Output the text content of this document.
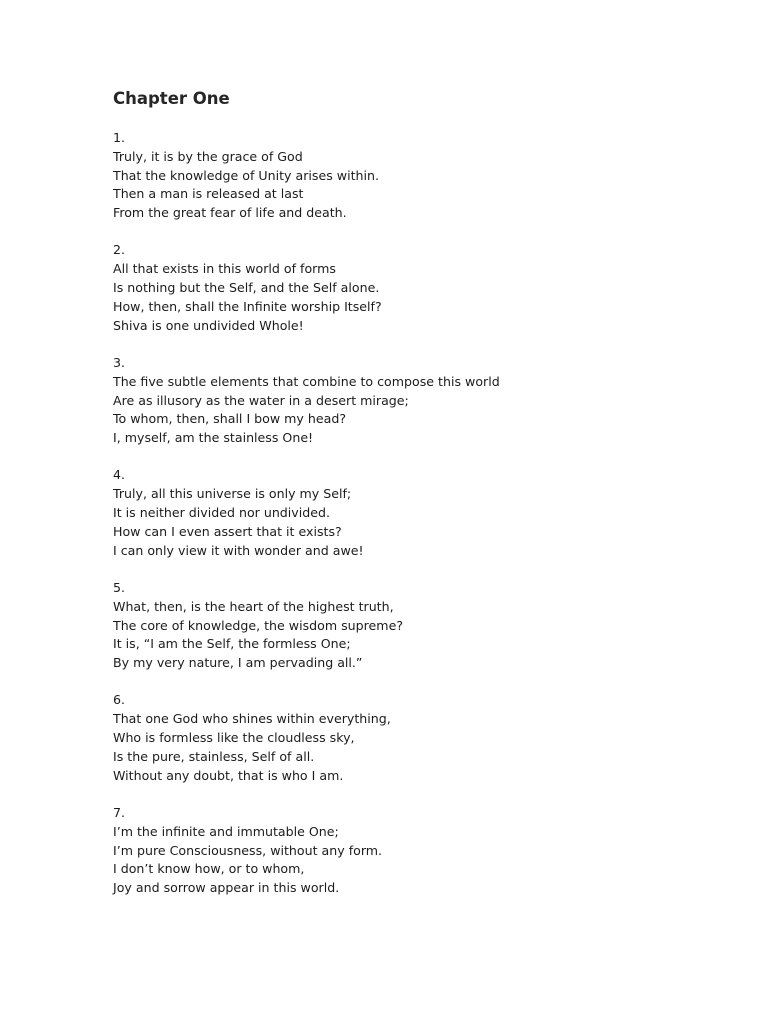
Chapter One
1.
Truly, it is by the grace of God
That the knowledge of Unity arises within.
Then a man is released at last
From the great fear of life and death.
2.
All that exists in this world of forms
Is nothing but the Self, and the Self alone.
How, then, shall the Infinite worship Itself?
Shiva is one undivided Whole!
3.
The five subtle elements that combine to compose this world
Are as illusory as the water in a desert mirage;
To whom, then, shall I bow my head?
I, myself, am the stainless One!
4.
Truly, all this universe is only my Self;
It is neither divided nor undivided.
How can I even assert that it exists?
I can only view it with wonder and awe!
5.
What, then, is the heart of the highest truth,
The core of knowledge, the wisdom supreme?
It is, “I am the Self, the formless One;
By my very nature, I am pervading all.”
6.
That one God who shines within everything,
Who is formless like the cloudless sky,
Is the pure, stainless, Self of all.
Without any doubt, that is who I am.
7.
I’m the infinite and immutable One;
I’m pure Consciousness, without any form.
I don’t know how, or to whom,
Joy and sorrow appear in this world.
